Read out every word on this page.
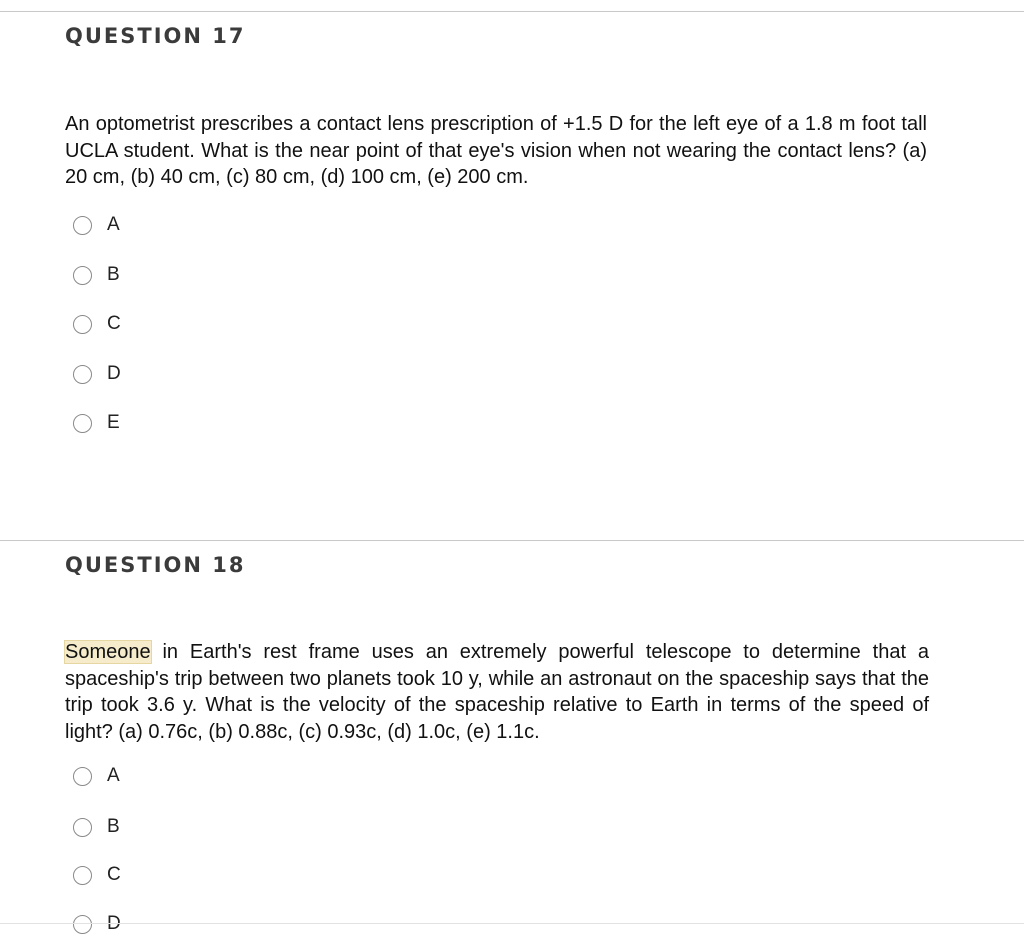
QUESTION 17

An optometrist prescribes a contact lens prescription of +1.5 D for the left eye of a 1.8 m foot tall UCLA student. What is the near point of that eye's vision when not wearing the contact lens? (a) 20 cm, (b) 40 cm, (c) 80 cm, (d) 100 cm, (e) 200 cm.

A
B
C
D
E
QUESTION 18

Someone in Earth's rest frame uses an extremely powerful telescope to determine that a spaceship's trip between two planets took 10 y, while an astronaut on the spaceship says that the trip took 3.6 y. What is the velocity of the spaceship relative to Earth in terms of the speed of light? (a) 0.76c, (b) 0.88c, (c) 0.93c, (d) 1.0c, (e) 1.1c.

A
B
C
D
